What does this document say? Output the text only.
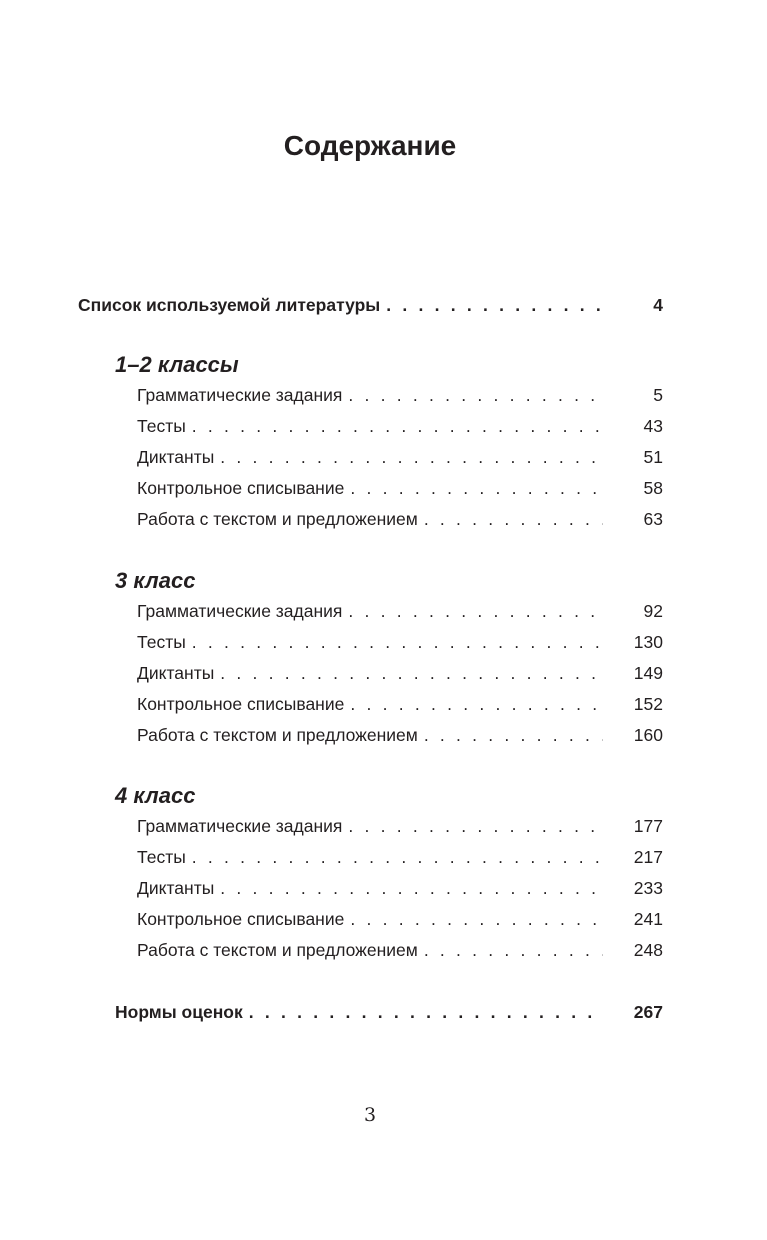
Содержание
Список используемой литературы . . .	4
1–2 классы
Грамматические задания . . .	5
Тесты . . .	43
Диктанты . . .	51
Контрольное списывание . . .	58
Работа с текстом и предложением . . .	63
3 класс
Грамматические задания . . .	92
Тесты . . .	130
Диктанты . . .	149
Контрольное списывание . . .	152
Работа с текстом и предложением . . .	160
4 класс
Грамматические задания . . .	177
Тесты . . .	217
Диктанты . . .	233
Контрольное списывание . . .	241
Работа с текстом и предложением . . .	248
Нормы оценок . . .	267
3
